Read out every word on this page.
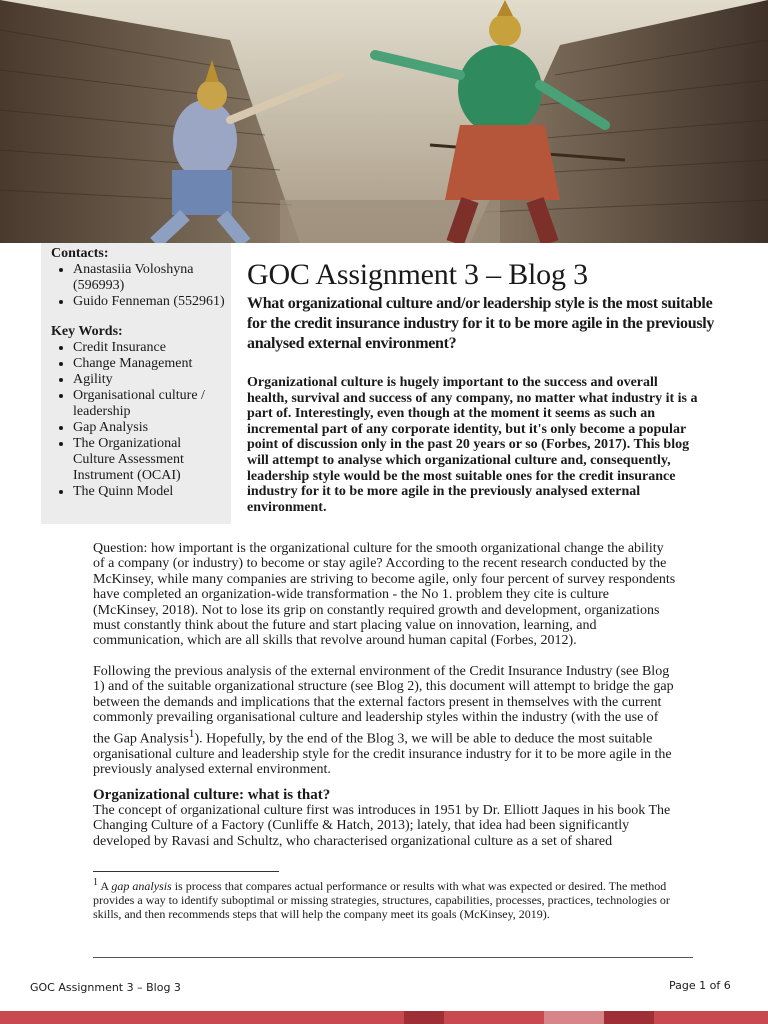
Contacts:

• Anastasiia Voloshyna (596993)
• Guido Fenneman (552961)

Key Words:

• Credit Insurance
• Change Management
• Agility
• Organisational culture / leadership
• Gap Analysis
• The Organizational Culture Assessment Instrument (OCAI)
• The Quinn Model
GOC Assignment 3 – Blog 3
What organizational culture and/or leadership style is the most suitable for the credit insurance industry for it to be more agile in the previously analysed external environment?

Organizational culture is hugely important to the success and overall health, survival and success of any company, no matter what industry it is a part of. Interestingly, even though at the moment it seems as such an incremental part of any corporate identity, but it's only become a popular point of discussion only in the past 20 years or so (Forbes, 2017). This blog will attempt to analyse which organizational culture and, consequently, leadership style would be the most suitable ones for the credit insurance industry for it to be more agile in the previously analysed external environment.

Question: how important is the organizational culture for the smooth organizational change the ability of a company (or industry) to become or stay agile? According to the recent research conducted by the McKinsey, while many companies are striving to become agile, only four percent of survey respondents have completed an organization-wide transformation - the No 1. problem they cite is culture (McKinsey, 2018). Not to lose its grip on constantly required growth and development, organizations must constantly think about the future and start placing value on innovation, learning, and communication, which are all skills that revolve around human capital (Forbes, 2012).

Following the previous analysis of the external environment of the Credit Insurance Industry (see Blog 1) and of the suitable organizational structure (see Blog 2), this document will attempt to bridge the gap between the demands and implications that the external factors present in themselves with the current commonly prevailing organisational culture and leadership styles within the industry (with the use of the Gap Analysis$^1$). Hopefully, by the end of the Blog 3, we will be able to deduce the most suitable organisational culture and leadership style for the credit insurance industry for it to be more agile in the previously analysed external environment.

Organizational culture: what is that?

The concept of organizational culture first was introduces in 1951 by Dr. Elliott Jaques in his book The Changing Culture of a Factory (Cunliffe & Hatch, 2013); lately, that idea had been significantly developed by Ravasi and Schultz, who characterised organizational culture as a set of shared

$^1$ A gap analysis is process that compares actual performance or results with what was expected or desired. The method provides a way to identify suboptimal or missing strategies, structures, capabilities, processes, practices, technologies or skills, and then recommends steps that will help the company meet its goals (McKinsey, 2019).

GOC Assignment 3 – Blog 3	Page 1 of 6
